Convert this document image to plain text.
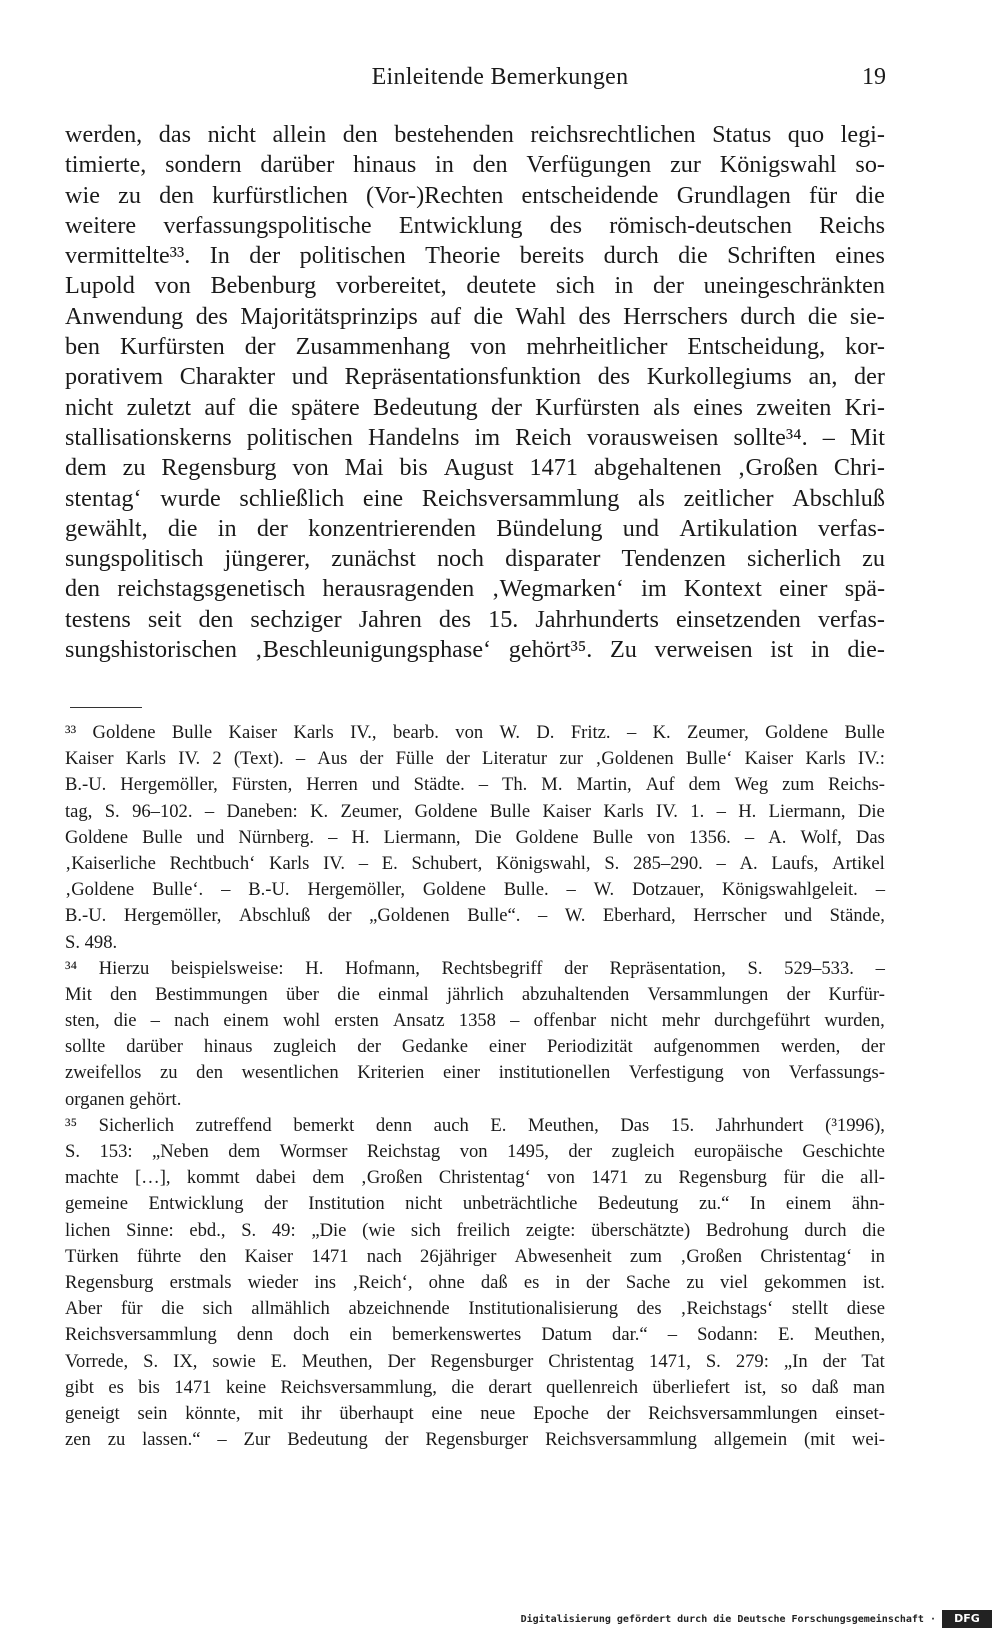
Einleitende Bemerkungen	19
werden, das nicht allein den bestehenden reichsrechtlichen Status quo legi-
timierte, sondern darüber hinaus in den Verfügungen zur Königswahl so-
wie zu den kurfürstlichen (Vor-)Rechten entscheidende Grundlagen für die
weitere verfassungspolitische Entwicklung des römisch-deutschen Reichs
vermittelte³³. In der politischen Theorie bereits durch die Schriften eines
Lupold von Bebenburg vorbereitet, deutete sich in der uneingeschränkten
Anwendung des Majoritätsprinzips auf die Wahl des Herrschers durch die sie-
ben Kurfürsten der Zusammenhang von mehrheitlicher Entscheidung, kor-
porativem Charakter und Repräsentationsfunktion des Kurkollegiums an, der
nicht zuletzt auf die spätere Bedeutung der Kurfürsten als eines zweiten Kri-
stallisationskerns politischen Handelns im Reich vorausweisen sollte³⁴. – Mit
dem zu Regensburg von Mai bis August 1471 abgehaltenen ‚Großen Chri-
stentag‘ wurde schließlich eine Reichsversammlung als zeitlicher Abschluß
gewählt, die in der konzentrierenden Bündelung und Artikulation verfas-
sungspolitisch jüngerer, zunächst noch disparater Tendenzen sicherlich zu
den reichstagsgenetisch herausragenden ‚Wegmarken‘ im Kontext einer spä-
testens seit den sechziger Jahren des 15. Jahrhunderts einsetzenden verfas-
sungshistorischen ‚Beschleunigungsphase‘ gehört³⁵. Zu verweisen ist in die-
³³ Goldene Bulle Kaiser Karls IV., bearb. von W. D. Fritz. – K. Zeumer, Goldene Bulle
Kaiser Karls IV. 2 (Text). – Aus der Fülle der Literatur zur ‚Goldenen Bulle‘ Kaiser Karls IV.:
B.-U. Hergemöller, Fürsten, Herren und Städte. – Th. M. Martin, Auf dem Weg zum Reichs-
tag, S. 96–102. – Daneben: K. Zeumer, Goldene Bulle Kaiser Karls IV. 1. – H. Liermann, Die
Goldene Bulle und Nürnberg. – H. Liermann, Die Goldene Bulle von 1356. – A. Wolf, Das
‚Kaiserliche Rechtbuch‘ Karls IV. – E. Schubert, Königswahl, S. 285–290. – A. Laufs, Artikel
‚Goldene Bulle‘. – B.-U. Hergemöller, Goldene Bulle. – W. Dotzauer, Königswahlgeleit. –
B.-U. Hergemöller, Abschluß der „Goldenen Bulle“. – W. Eberhard, Herrscher und Stände,
S. 498.
³⁴ Hierzu beispielsweise: H. Hofmann, Rechtsbegriff der Repräsentation, S. 529–533. –
Mit den Bestimmungen über die einmal jährlich abzuhaltenden Versammlungen der Kurfür-
sten, die – nach einem wohl ersten Ansatz 1358 – offenbar nicht mehr durchgeführt wurden,
sollte darüber hinaus zugleich der Gedanke einer Periodizität aufgenommen werden, der
zweifellos zu den wesentlichen Kriterien einer institutionellen Verfestigung von Verfassungs-
organen gehört.
³⁵ Sicherlich zutreffend bemerkt denn auch E. Meuthen, Das 15. Jahrhundert (³1996),
S. 153: „Neben dem Wormser Reichstag von 1495, der zugleich europäische Geschichte
machte […], kommt dabei dem ‚Großen Christentag‘ von 1471 zu Regensburg für die all-
gemeine Entwicklung der Institution nicht unbeträchtliche Bedeutung zu.“ In einem ähn-
lichen Sinne: ebd., S. 49: „Die (wie sich freilich zeigte: überschätzte) Bedrohung durch die
Türken führte den Kaiser 1471 nach 26jähriger Abwesenheit zum ‚Großen Christentag‘ in
Regensburg erstmals wieder ins ‚Reich‘, ohne daß es in der Sache zu viel gekommen ist.
Aber für die sich allmählich abzeichnende Institutionalisierung des ‚Reichstags‘ stellt diese
Reichsversammlung denn doch ein bemerkenswertes Datum dar.“ – Sodann: E. Meuthen,
Vorrede, S. IX, sowie E. Meuthen, Der Regensburger Christentag 1471, S. 279: „In der Tat
gibt es bis 1471 keine Reichsversammlung, die derart quellenreich überliefert ist, so daß man
geneigt sein könnte, mit ihr überhaupt eine neue Epoche der Reichsversammlungen einset-
zen zu lassen.“ – Zur Bedeutung der Regensburger Reichsversammlung allgemein (mit wei-
Digitalisierung gefördert durch die Deutsche Forschungsgemeinschaft ·	DFG
